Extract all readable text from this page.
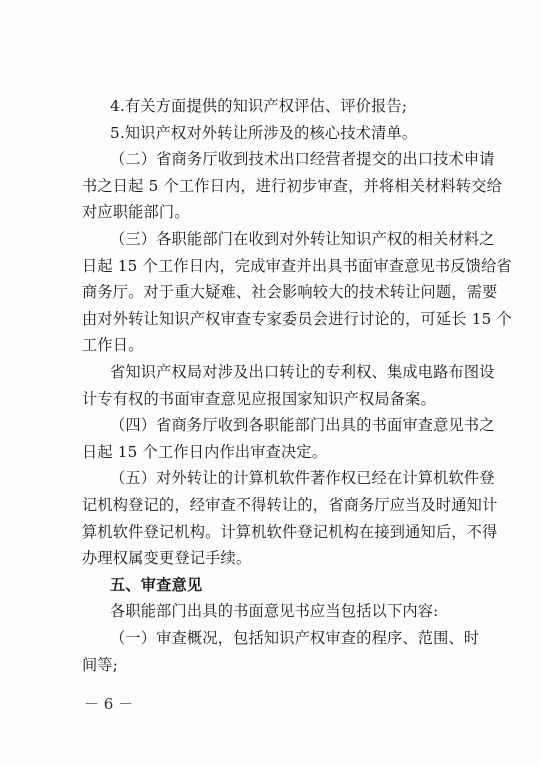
4.有关方面提供的知识产权评估、评价报告;
5.知识产权对外转让所涉及的核心技术清单。
（二）省商务厅收到技术出口经营者提交的出口技术申请
书之日起 5 个工作日内，进行初步审查，并将相关材料转交给
对应职能部门。
（三）各职能部门在收到对外转让知识产权的相关材料之
日起 15 个工作日内，完成审查并出具书面审查意见书反馈给省
商务厅。对于重大疑难、社会影响较大的技术转让问题，需要
由对外转让知识产权审查专家委员会进行讨论的，可延长 15 个
工作日。
省知识产权局对涉及出口转让的专利权、集成电路布图设
计专有权的书面审查意见应报国家知识产权局备案。
（四）省商务厅收到各职能部门出具的书面审查意见书之
日起 15 个工作日内作出审查决定。
（五）对外转让的计算机软件著作权已经在计算机软件登
记机构登记的，经审查不得转让的，省商务厅应当及时通知计
算机软件登记机构。计算机软件登记机构在接到通知后，不得
办理权属变更登记手续。
五、审查意见
各职能部门出具的书面意见书应当包括以下内容:
（一）审查概况，包括知识产权审查的程序、范围、时
间等;
－ 6 －
